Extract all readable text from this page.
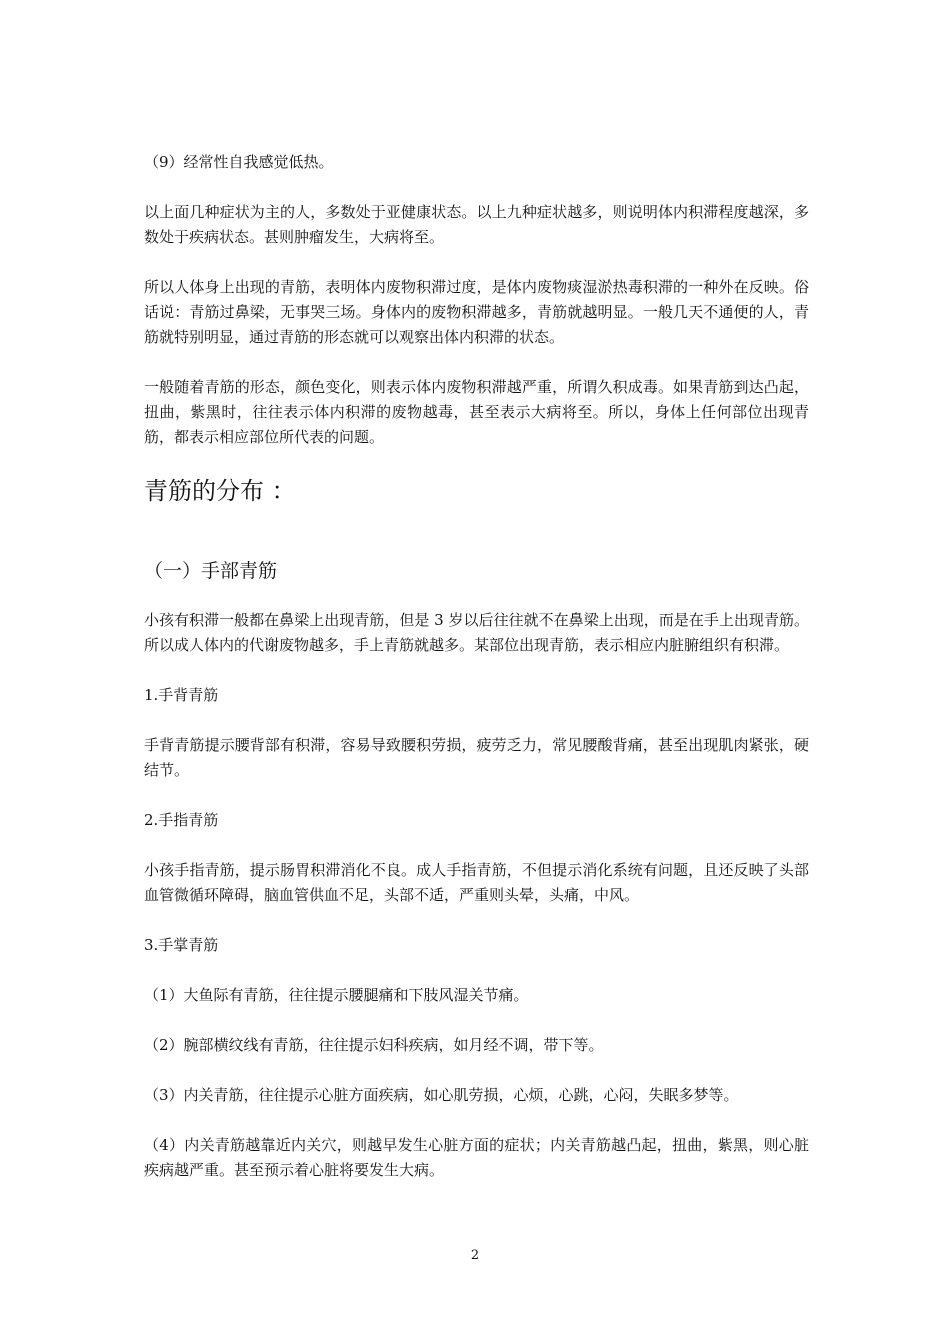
（9）经常性自我感觉低热。

以上面几种症状为主的人，多数处于亚健康状态。以上九种症状越多，则说明体内积滞程度越深，多数处于疾病状态。甚则肿瘤发生，大病将至。

所以人体身上出现的青筋，表明体内废物积滞过度，是体内废物痰湿淤热毒积滞的一种外在反映。俗话说：青筋过鼻梁，无事哭三场。身体内的废物积滞越多，青筋就越明显。一般几天不通便的人，青筋就特别明显，通过青筋的形态就可以观察出体内积滞的状态。

一般随着青筋的形态，颜色变化，则表示体内废物积滞越严重，所谓久积成毒。如果青筋到达凸起，扭曲，紫黑时，往往表示体内积滞的废物越毒，甚至表示大病将至。所以，身体上任何部位出现青筋，都表示相应部位所代表的问题。

青筋的分布 ：
（一）手部青筋

小孩有积滞一般都在鼻梁上出现青筋，但是 3 岁以后往往就不在鼻梁上出现，而是在手上出现青筋。所以成人体内的代谢废物越多，手上青筋就越多。某部位出现青筋，表示相应内脏腑组织有积滞。

1.手背青筋

手背青筋提示腰背部有积滞，容易导致腰积劳损，疲劳乏力，常见腰酸背痛，甚至出现肌肉紧张，硬结节。

2.手指青筋

小孩手指青筋，提示肠胃积滞消化不良。成人手指青筋，不但提示消化系统有问题，且还反映了头部血管微循环障碍，脑血管供血不足，头部不适，严重则头晕，头痛，中风。

3.手掌青筋

（1）大鱼际有青筋，往往提示腰腿痛和下肢风湿关节痛。

（2）腕部横纹线有青筋，往往提示妇科疾病，如月经不调，带下等。

（3）内关青筋，往往提示心脏方面疾病，如心肌劳损，心烦，心跳，心闷，失眠多梦等。

（4）内关青筋越靠近内关穴，则越早发生心脏方面的症状；内关青筋越凸起，扭曲，紫黑，则心脏疾病越严重。甚至预示着心脏将要发生大病。

2
